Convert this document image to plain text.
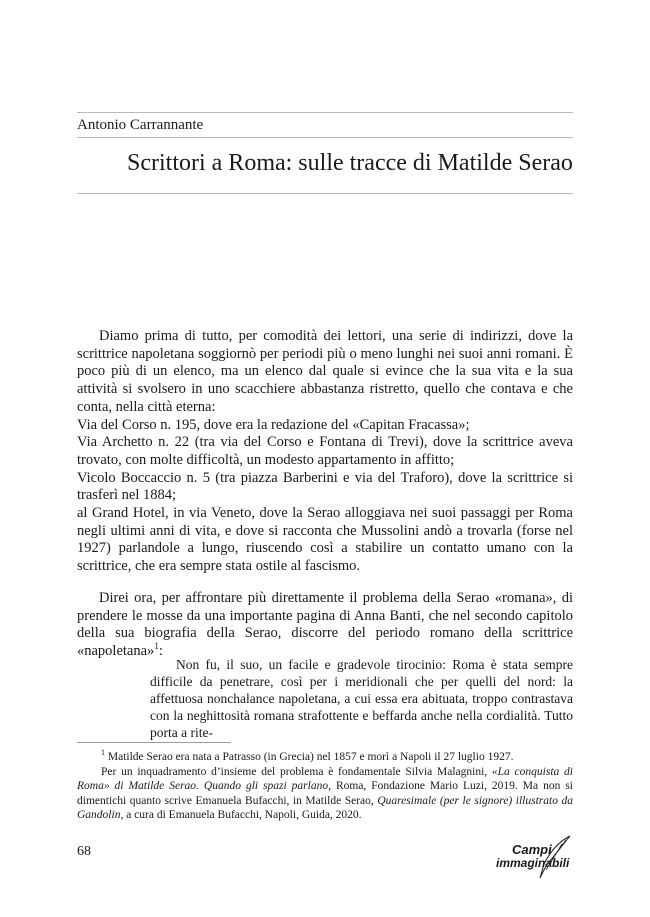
Antonio Carrannante
Scrittori a Roma: sulle tracce di Matilde Serao

Diamo prima di tutto, per comodità dei lettori, una serie di indirizzi, dove la scrittrice napoletana soggiornò per periodi più o meno lunghi nei suoi anni romani. È poco più di un elenco, ma un elenco dal quale si evince che la sua vita e la sua attività si svolsero in uno scacchiere abbastanza ristretto, quello che contava e che conta, nella città eterna:

Via del Corso n. 195, dove era la redazione del «Capitan Fracassa»;

Via Archetto n. 22 (tra via del Corso e Fontana di Trevi), dove la scrittrice aveva trovato, con molte difficoltà, un modesto appartamento in affitto;

Vicolo Boccaccio n. 5 (tra piazza Barberini e via del Traforo), dove la scrittrice si trasferì nel 1884;

al Grand Hotel, in via Veneto, dove la Serao alloggiava nei suoi passaggi per Roma negli ultimi anni di vita, e dove si racconta che Mussolini andò a trovarla (forse nel 1927) parlandole a lungo, riuscendo così a stabilire un contatto umano con la scrittrice, che era sempre stata ostile al fascismo.

Direi ora, per affrontare più direttamente il problema della Serao «romana», di prendere le mosse da una importante pagina di Anna Banti, che nel secondo capitolo della sua biografia della Serao, discorre del periodo romano della scrittrice «napoletana»$^1$:

Non fu, il suo, un facile e gradevole tirocinio: Roma è stata sempre difficile da penetrare, così per i meridionali che per quelli del nord: la affettuosa nonchalance napoletana, a cui essa era abituata, troppo contrastava con la neghittosità romana strafottente e beffarda anche nella cordialità. Tutto porta a rite-

$^1$ Matilde Serao era nata a Patrasso (in Grecia) nel 1857 e morì a Napoli il 27 luglio 1927.

Per un inquadramento d’insieme del problema è fondamentale Silvia Malagnini, «La conquista di Roma» di Matilde Serao. Quando gli spazi parlano, Roma, Fondazione Mario Luzi, 2019. Ma non si dimentichi quanto scrive Emanuela Bufacchi, in Matilde Serao, Quaresimale (per le signore) illustrato da Gandolin, a cura di Emanuela Bufacchi, Napoli, Guida, 2020.

68	Campi
immaginabili
